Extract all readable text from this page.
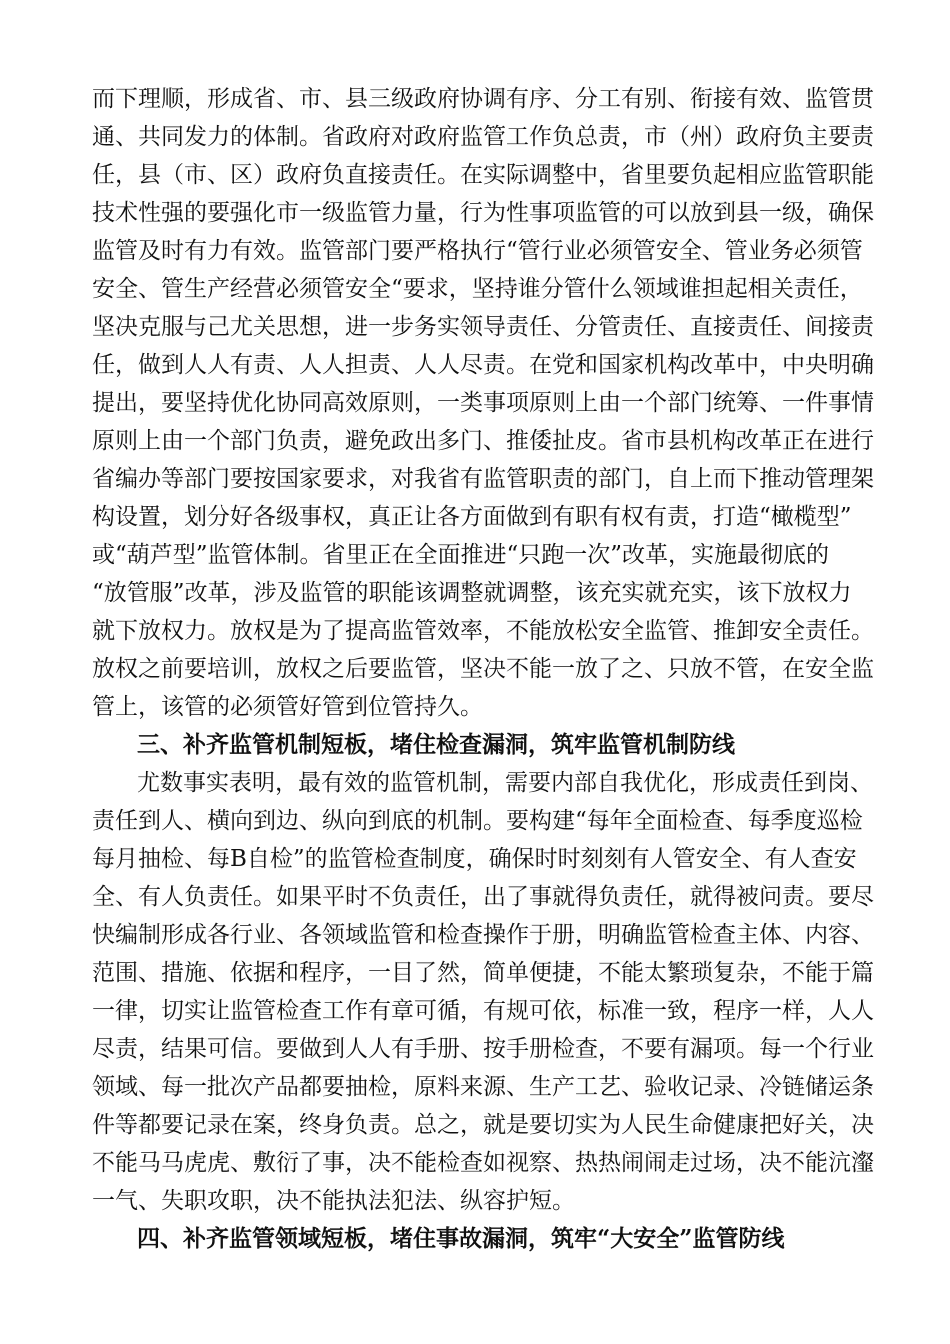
而下理顺，形成省、市、县三级政府协调有序、分工有别、衔接有效、监管贯
通、共同发力的体制。省政府对政府监管工作负总责，市（州）政府负主要责
任，县（市、区）政府负直接责任。在实际调整中，省里要负起相应监管职能
技术性强的要强化市一级监管力量，行为性事项监管的可以放到县一级，确保
监管及时有力有效。监管部门要严格执行“管行业必须管安全、管业务必须管
安全、管生产经营必须管安全“要求，坚持谁分管什么领域谁担起相关责任，
坚决克服与己尤关思想，进一步务实领导责任、分管责任、直接责任、间接责
任，做到人人有责、人人担责、人人尽责。在党和国家机构改革中，中央明确
提出，要坚持优化协同高效原则，一类事项原则上由一个部门统筹、一件事情
原则上由一个部门负责，避免政出多门、推倭扯皮。省市县机构改革正在进行
省编办等部门要按国家要求，对我省有监管职责的部门，自上而下推动管理架
构设置，划分好各级事权，真正让各方面做到有职有权有责，打造“橄榄型”
或“葫芦型”监管体制。省里正在全面推进“只跑一次”改革，实施最彻底的
“放管服”改革，涉及监管的职能该调整就调整，该充实就充实，该下放权力
就下放权力。放权是为了提高监管效率，不能放松安全监管、推卸安全责任。
放权之前要培训，放权之后要监管，坚决不能一放了之、只放不管，在安全监
管上，该管的必须管好管到位管持久。
三、补齐监管机制短板，堵住检查漏洞，筑牢监管机制防线
尤数事实表明，最有效的监管机制，需要内部自我优化，形成责任到岗、
责任到人、横向到边、纵向到底的机制。要构建“每年全面检查、每季度巡检
每月抽检、每B自检”的监管检查制度，确保时时刻刻有人管安全、有人查安
全、有人负责任。如果平时不负责任，出了事就得负责任，就得被问责。要尽
快编制形成各行业、各领域监管和检查操作于册，明确监管检查主体、内容、
范围、措施、依据和程序，一目了然，简单便捷，不能太繁琐复杂，不能于篇
一律，切实让监管检查工作有章可循，有规可依，标准一致，程序一样，人人
尽责，结果可信。要做到人人有手册、按手册检查，不要有漏项。每一个行业
领域、每一批次产品都要抽检，原料来源、生产工艺、验收记录、冷链储运条
件等都要记录在案，终身负责。总之，就是要切实为人民生命健康把好关，决
不能马马虎虎、敷衍了事，决不能检查如视察、热热闹闹走过场，决不能沆瀣
一气、失职攻职，决不能执法犯法、纵容护短。
四、补齐监管领域短板，堵住事故漏洞，筑牢“大安全”监管防线
